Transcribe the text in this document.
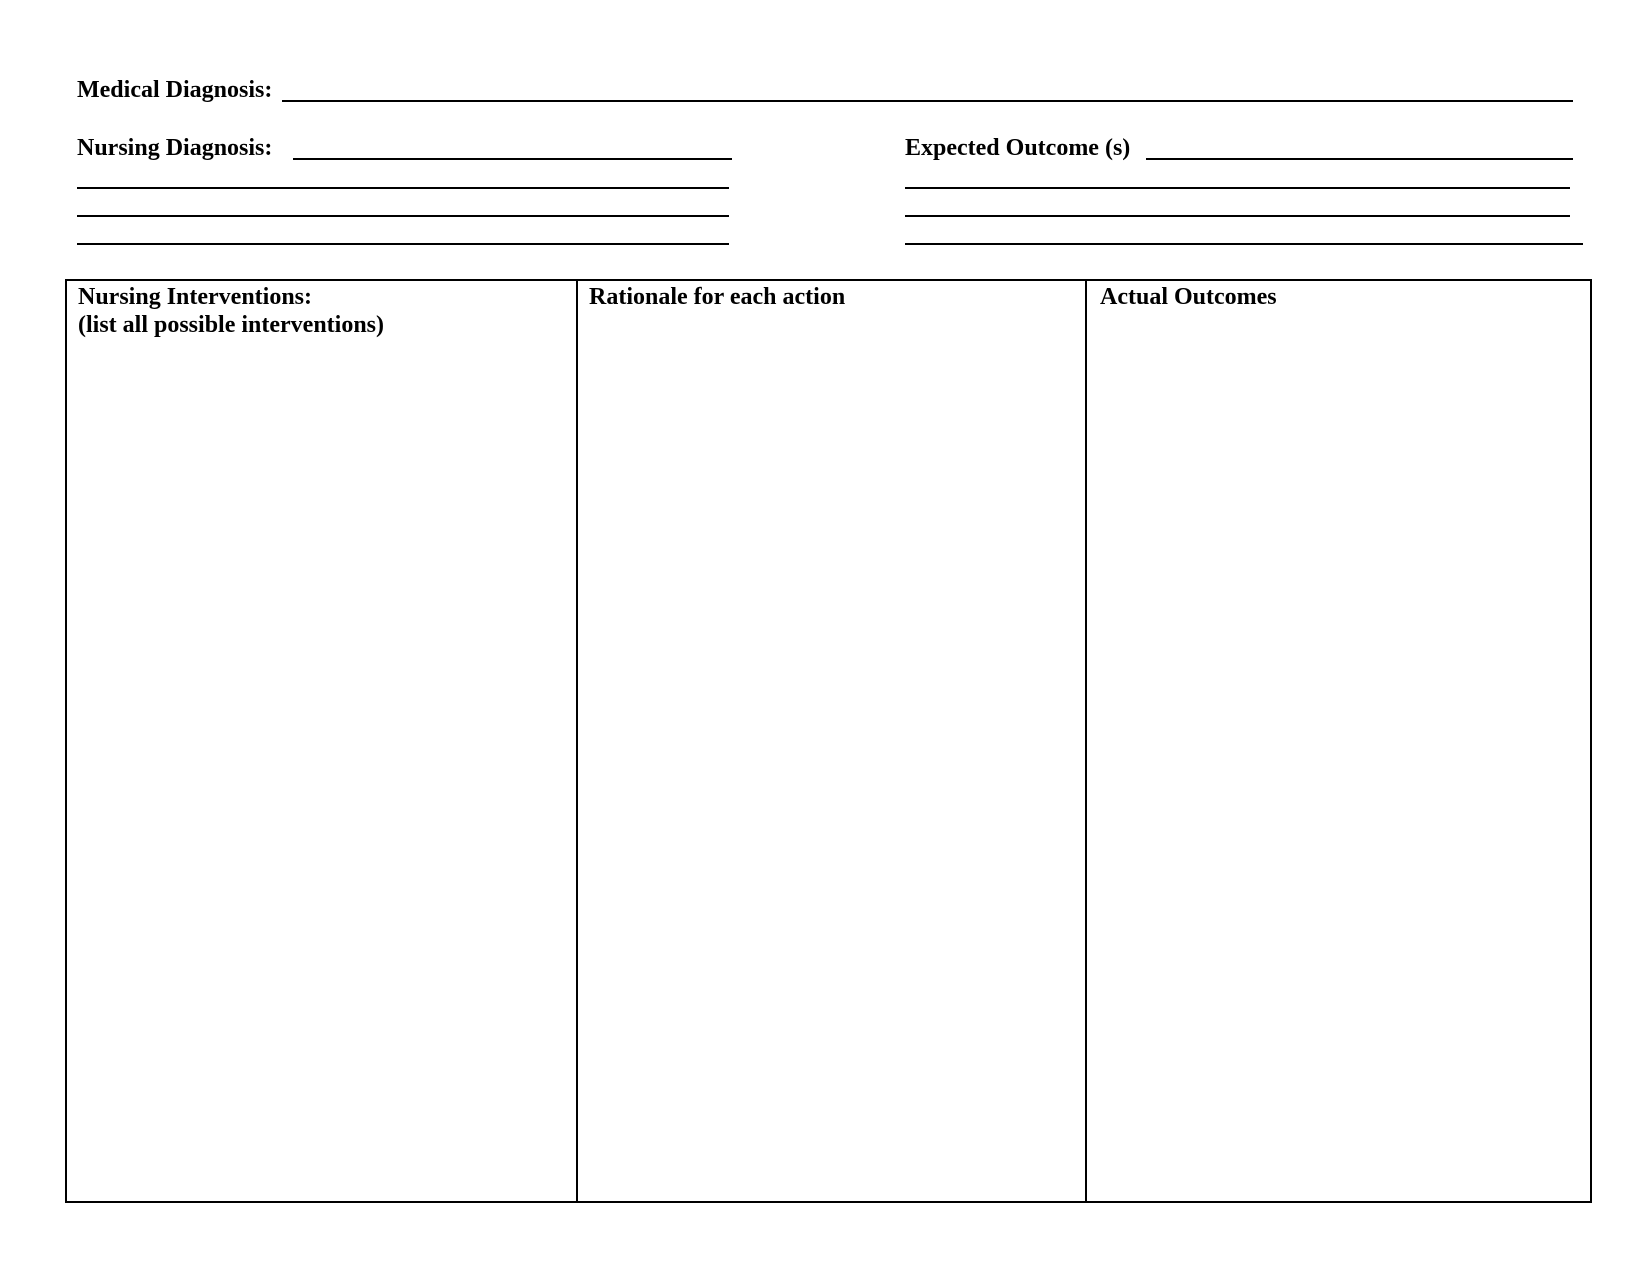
Medical Diagnosis:
Nursing Diagnosis:	Expected Outcome (s)
Nursing Interventions:
(list all possible interventions)
Rationale for each action	Actual Outcomes
